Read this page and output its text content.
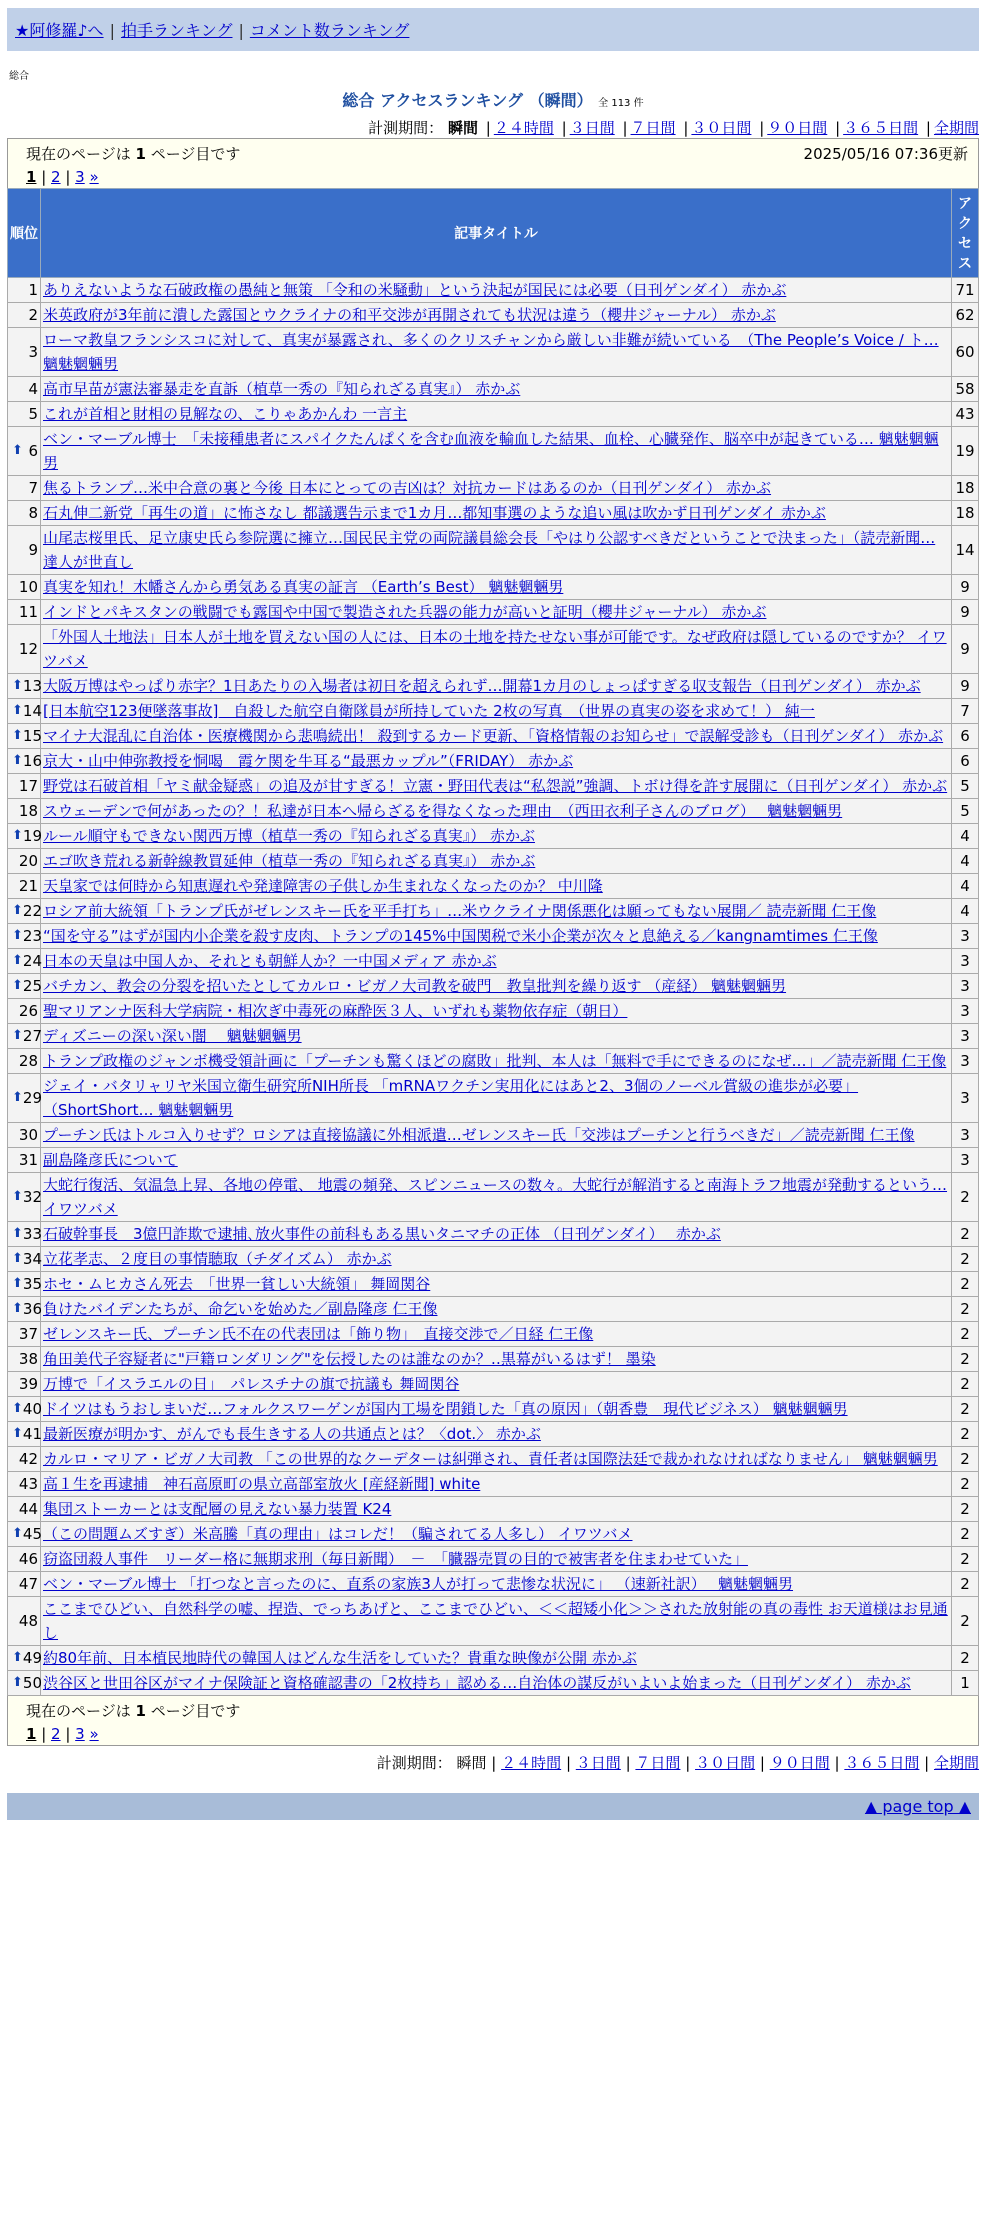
★阿修羅♪へ | 拍手ランキング | コメント数ランキング
総合
総合 アクセスランキング （瞬間） 全 113 件
計測期間： 瞬間 | ２４時間 | ３日間 | ７日間 | ３０日間 | ９０日間 | ３６５日間 | 全期間
現在のページは 1 ページ目です	2025/05/16 07:36更新
1 | 2 | 3 »
順位	記事タイトル	アクセス
1	ありえないような石破政権の愚純と無策 「令和の米騒動」という決起が国民には必要（日刊ゲンダイ） 赤かぶ	71
2	米英政府が3年前に潰した露国とウクライナの和平交渉が再開されても状況は違う（櫻井ジャーナル） 赤かぶ	62
3	ローマ教皇フランシスコに対して、真実が暴露され、多くのクリスチャンから厳しい非難が続いている　（The People’s Voice / ト… 魑魅魍魎男	60
4	高市早苗が憲法審暴走を直訴（植草一秀の『知られざる真実』） 赤かぶ	58
5	これが首相と財相の見解なの、こりゃあかんわ 一言主	43

⬆ 6	ベン・マーブル博士　「未接種患者にスパイクたんぱくを含む血液を輸血した結果、血栓、心臓発作、脳卒中が起きている… 魑魅魍魎男	19
7	焦るトランプ…米中合意の裏と今後 日本にとっての吉凶は？対抗カードはあるのか（日刊ゲンダイ） 赤かぶ	18
8	石丸伸二新党「再生の道」に怖さなし 都議選告示まで1カ月…都知事選のような追い風は吹かず日刊ゲンダイ 赤かぶ	18
9	山尾志桜里氏、足立康史氏ら参院選に擁立…国民民主党の両院議員総会長「やはり公認すべきだということで決まった」（読売新聞… 達人が世直し	14
10	真実を知れ！木幡さんから勇気ある真実の証言 （Earth’s Best） 魑魅魍魎男	9
11	インドとパキスタンの戦闘でも露国や中国で製造された兵器の能力が高いと証明（櫻井ジャーナル） 赤かぶ	9
12	「外国人土地法」日本人が土地を買えない国の人には、日本の土地を持たせない事が可能です。なぜ政府は隠しているのですか？ イワツバメ	9

⬆ 13	大阪万博はやっぱり赤字？1日あたりの入場者は初日を超えられず…開幕1カ月のしょっぱすぎる収支報告（日刊ゲンダイ） 赤かぶ	9

⬆ 14	[日本航空123便墜落事故]　自殺した航空自衛隊員が所持していた 2枚の写真　（世界の真実の姿を求めて！） 純一	7

⬆ 15	マイナ大混乱に自治体・医療機関から悲鳴続出！ 殺到するカード更新、「資格情報のお知らせ」で誤解受診も（日刊ゲンダイ） 赤かぶ	6

⬆ 16	京大・山中伸弥教授を恫喝　霞ケ関を牛耳る“最悪カップル”（FRIDAY） 赤かぶ	6
17	野党は石破首相「ヤミ献金疑惑」の追及が甘すぎる！立憲・野田代表は“私怨説”強調、トボけ得を許す展開に（日刊ゲンダイ） 赤かぶ	5
18	スウェーデンで何があったの？！私達が日本へ帰らざるを得なくなった理由　（西田衣利子さんのブログ）　 魑魅魍魎男	5

⬆ 19	ルール順守もできない関西万博（植草一秀の『知られざる真実』） 赤かぶ	4
20	エゴ吹き荒れる新幹線教買延伸（植草一秀の『知られざる真実』） 赤かぶ	4
21	天皇家では何時から知恵遅れや発達障害の子供しか生まれなくなったのか？ 中川隆	4

⬆ 22	ロシア前大統領「トランプ氏がゼレンスキー氏を平手打ち」…米ウクライナ関係悪化は願ってもない展開／ 読売新聞 仁王像	4

⬆ 23	“国を守る”はずが国内小企業を殺す皮肉、トランプの145%中国関税で米小企業が次々と息絶える／kangnamtimes 仁王像	3

⬆ 24	日本の天皇は中国人か、それとも朝鮮人か？一中国メディア 赤かぶ	3

⬆ 25	バチカン、教会の分裂を招いたとしてカルロ・ビガノ大司教を破門　教皇批判を繰り返す （産経） 魑魅魍魎男	3
26	聖マリアンナ医科大学病院・相次ぎ中毒死の麻酔医３人、いずれも薬物依存症（朝日）	3

⬆ 27	ディズニーの深い深い闇　 魑魅魍魎男	3
28	トランプ政権のジャンボ機受領計画に「プーチンも驚くほどの腐敗」批判、本人は「無料で手にできるのになぜ…」／読売新聞 仁王像	3

⬆ 29	ジェイ・バタリャリヤ米国立衛生研究所NIH所長 「mRNAワクチン実用化にはあと2、3個のノーベル賞級の進歩が必要」（ShortShort… 魑魅魍魎男	3
30	プーチン氏はトルコ入りせず？ロシアは直接協議に外相派遣…ゼレンスキー氏「交渉はプーチンと行うべきだ」／読売新聞 仁王像	3
31	副島隆彦氏について	3

⬆ 32	大蛇行復活、気温急上昇、各地の停電、 地震の頻発、スピンニュースの数々。大蛇行が解消すると南海トラフ地震が発動するという… イワツバメ	2

⬆ 33	石破幹事長　3億円詐欺で逮捕､放火事件の前科もある黒いタニマチの正体 （日刊ゲンダイ）　 赤かぶ	2

⬆ 34	立花孝志、２度目の事情聴取（チダイズム） 赤かぶ	2

⬆ 35	ホセ・ムヒカさん死去　「世界一貧しい大統領」 舞岡関谷	2

⬆ 36	負けたバイデンたちが、命乞いを始めた／副島隆彦 仁王像	2
37	ゼレンスキー氏、プーチン氏不在の代表団は「飾り物」　直接交渉で／日経 仁王像	2
38	角田美代子容疑者に"戸籍ロンダリング"を伝授したのは誰なのか？‥黒幕がいるはず！ 墨染	2
39	万博で「イスラエルの日」　パレスチナの旗で抗議も 舞岡関谷	2

⬆ 40	ドイツはもうおしまいだ…フォルクスワーゲンが国内工場を閉鎖した「真の原因」（朝香豊　現代ビジネス） 魑魅魍魎男	2

⬆ 41	最新医療が明かす、がんでも長生きする人の共通点とは？〈dot.〉 赤かぶ	2
42	カルロ・マリア・ビガノ大司教 「この世界的なクーデターは糾弾され、責任者は国際法廷で裁かれなければなりません」 魑魅魍魎男	2
43	高１生を再逮捕　神石高原町の県立高部室放火 [産経新聞] white	2
44	集団ストーカーとは支配層の見えない暴力装置 K24	2

⬆ 45	（この問題ムズすぎ）米高騰「真の理由」はコレだ！（騙されてる人多し） イワツバメ	2
46	窃盗団殺人事件　リーダー格に無期求刑（毎日新聞）　－　「臓器売買の目的で被害者を住まわせていた」	2
47	ベン・マーブル博士 「打つなと言ったのに、直系の家族3人が打って悲惨な状況に」 （速新社訳）　 魑魅魍魎男	2
48	ここまでひどい、自然科学の嘘、捏造、でっちあげと、ここまでひどい、＜＜超矮小化＞＞された放射能の真の毒性 お天道様はお見通し	2

⬆ 49	約80年前、日本植民地時代の韓国人はどんな生活をしていた？貴重な映像が公開 赤かぶ	2

⬆ 50	渋谷区と世田谷区がマイナ保険証と資格確認書の「2枚持ち」認める…自治体の謀反がいよいよ始まった（日刊ゲンダイ） 赤かぶ	1
現在のページは 1 ページ目です
1 | 2 | 3 »
計測期間： 瞬間 | ２４時間 | ３日間 | ７日間 | ３０日間 | ９０日間 | ３６５日間 | 全期間
▲ page top ▲
